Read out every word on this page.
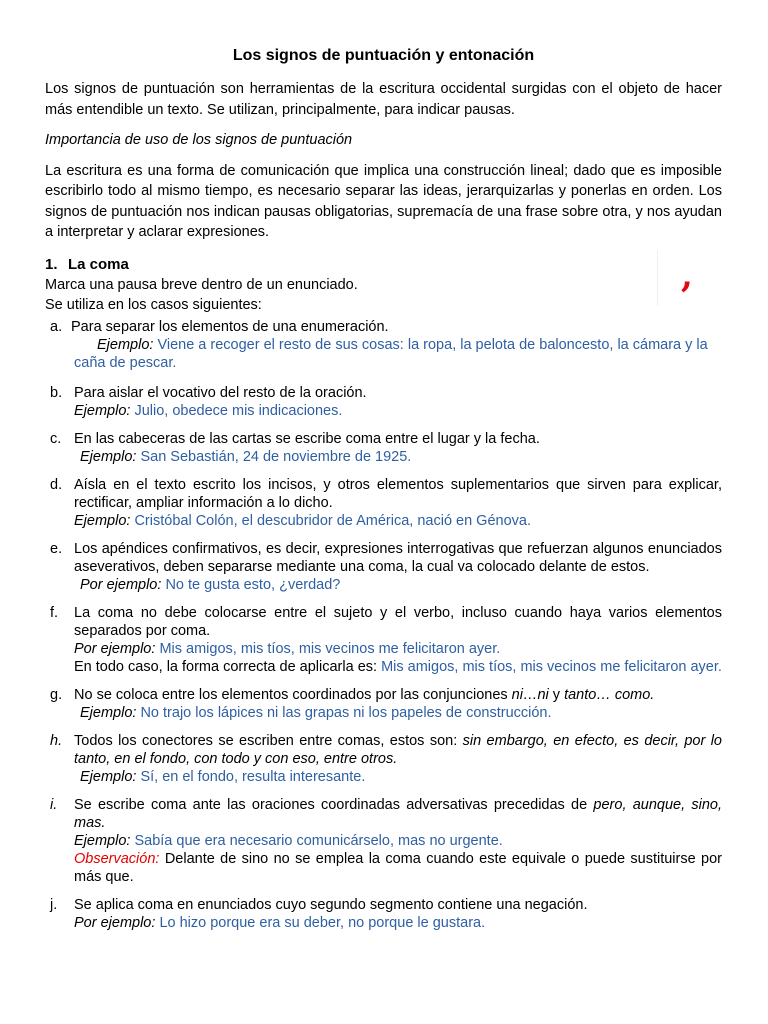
Los signos de puntuación y entonación

Los signos de puntuación son herramientas de la escritura occidental surgidas con el objeto de hacer más entendible un texto. Se utilizan, principalmente, para indicar pausas.

Importancia de uso de los signos de puntuación

La escritura es una forma de comunicación que implica una construcción lineal; dado que es imposible escribirlo todo al mismo tiempo, es necesario separar las ideas, jerarquizarlas y ponerlas en orden. Los signos de puntuación nos indican pausas obligatorias, supremacía de una frase sobre otra, y nos ayudan a interpretar y aclarar expresiones.

1. La coma

Marca una pausa breve dentro de un enunciado.

Se utiliza en los casos siguientes:

a. Para separar los elementos de una enumeración.
Ejemplo: Viene a recoger el resto de sus cosas: la ropa, la pelota de baloncesto, la cámara y la caña de pescar.
b. Para aislar el vocativo del resto de la oración.
Ejemplo: Julio, obedece mis indicaciones.
c. En las cabeceras de las cartas se escribe coma entre el lugar y la fecha.
Ejemplo: San Sebastián, 24 de noviembre de 1925.
d. Aísla en el texto escrito los incisos, y otros elementos suplementarios que sirven para explicar, rectificar, ampliar información a lo dicho.
Ejemplo: Cristóbal Colón, el descubridor de América, nació en Génova.
e. Los apéndices confirmativos, es decir, expresiones interrogativas que refuerzan algunos enunciados aseverativos, deben separarse mediante una coma, la cual va colocado delante de estos.
Por ejemplo: No te gusta esto, ¿verdad?
f. La coma no debe colocarse entre el sujeto y el verbo, incluso cuando haya varios elementos separados por coma.
Por ejemplo: Mis amigos, mis tíos, mis vecinos me felicitaron ayer.
En todo caso, la forma correcta de aplicarla es: Mis amigos, mis tíos, mis vecinos me felicitaron ayer.
g. No se coloca entre los elementos coordinados por las conjunciones ni…ni y tanto… como.
Ejemplo: No trajo los lápices ni las grapas ni los papeles de construcción.
h. Todos los conectores se escriben entre comas, estos son: sin embargo, en efecto, es decir, por lo tanto, en el fondo, con todo y con eso, entre otros.
Ejemplo: Sí, en el fondo, resulta interesante.
i. Se escribe coma ante las oraciones coordinadas adversativas precedidas de pero, aunque, sino, mas.
Ejemplo: Sabía que era necesario comunicárselo, mas no urgente.
Observación: Delante de sino no se emplea la coma cuando este equivale o puede sustituirse por más que.
j. Se aplica coma en enunciados cuyo segundo segmento contiene una negación.
Por ejemplo: Lo hizo porque era su deber, no porque le gustara.
,
